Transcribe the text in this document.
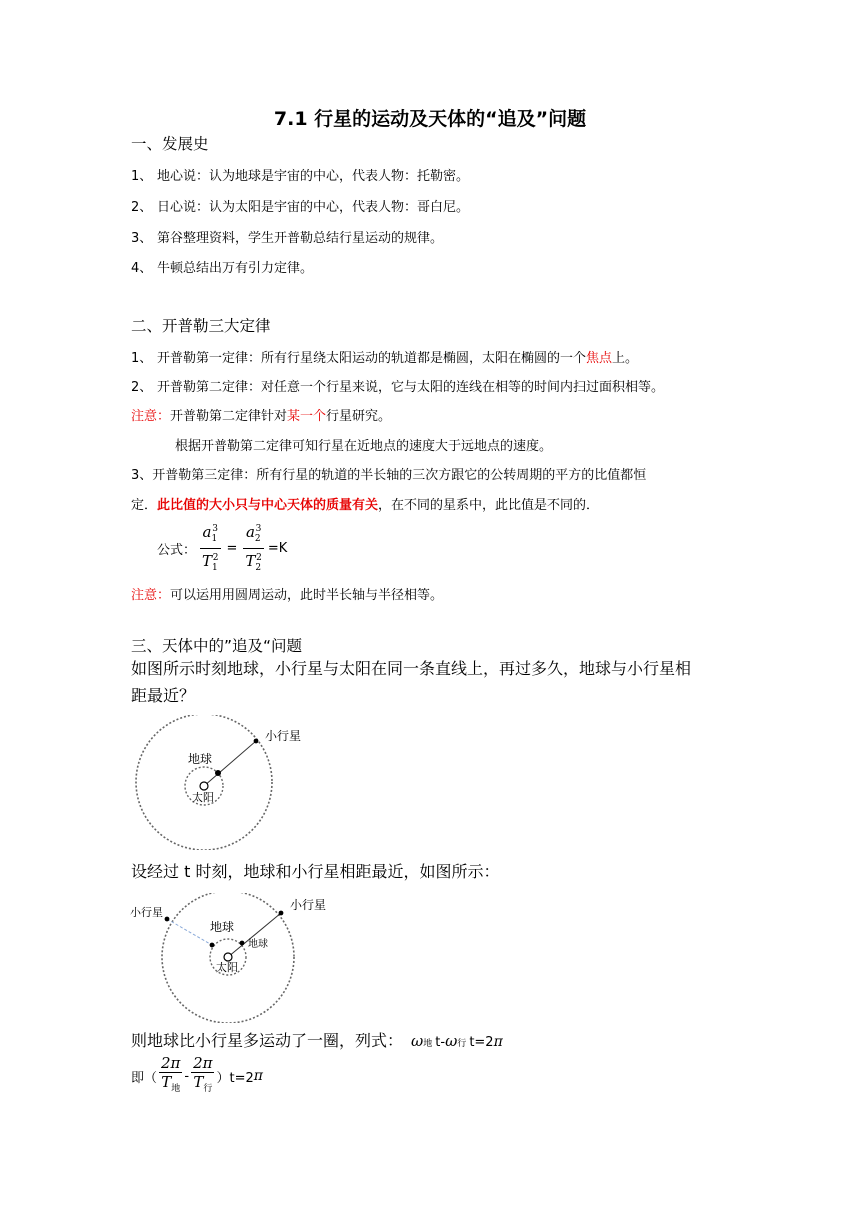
7.1 行星的运动及天体的“追及”问题
一、发展史
1、 地心说：认为地球是宇宙的中心，代表人物：托勒密。
2、 日心说：认为太阳是宇宙的中心，代表人物：哥白尼。
3、 第谷整理资料，学生开普勒总结行星运动的规律。
4、 牛顿总结出万有引力定律。
二、开普勒三大定律
1、 开普勒第一定律：所有行星绕太阳运动的轨道都是椭圆，太阳在椭圆的一个焦点上。
2、 开普勒第二定律：对任意一个行星来说，它与太阳的连线在相等的时间内扫过面积相等。
注意：开普勒第二定律针对某一个行星研究。
根据开普勒第二定律可知行星在近地点的速度大于远地点的速度。
3、开普勒第三定律：所有行星的轨道的半长轴的三次方跟它的公转周期的平方的比值都恒
定．此比值的大小只与中心天体的质量有关，在不同的星系中，此比值是不同的．
公式： $\frac{a_1^3}{T_1^2} = \frac{a_2^3}{T_2^2} =K$
注意：可以运用用圆周运动，此时半长轴与半径相等。
三、天体中的”追及“问题
如图所示时刻地球，小行星与太阳在同一条直线上，再过多久，地球与小行星相
距最近？
小行星
地球
太阳
设经过 t 时刻，地球和小行星相距最近，如图所示：
小行星
小行星
地球
地球
太阳
则地球比小行星多运动了一圈，列式： ω 地 t- ω 行 t=2 π
即（ $\frac{2\pi}{T_地} - \frac{2\pi}{T_行} )t=2$ π
